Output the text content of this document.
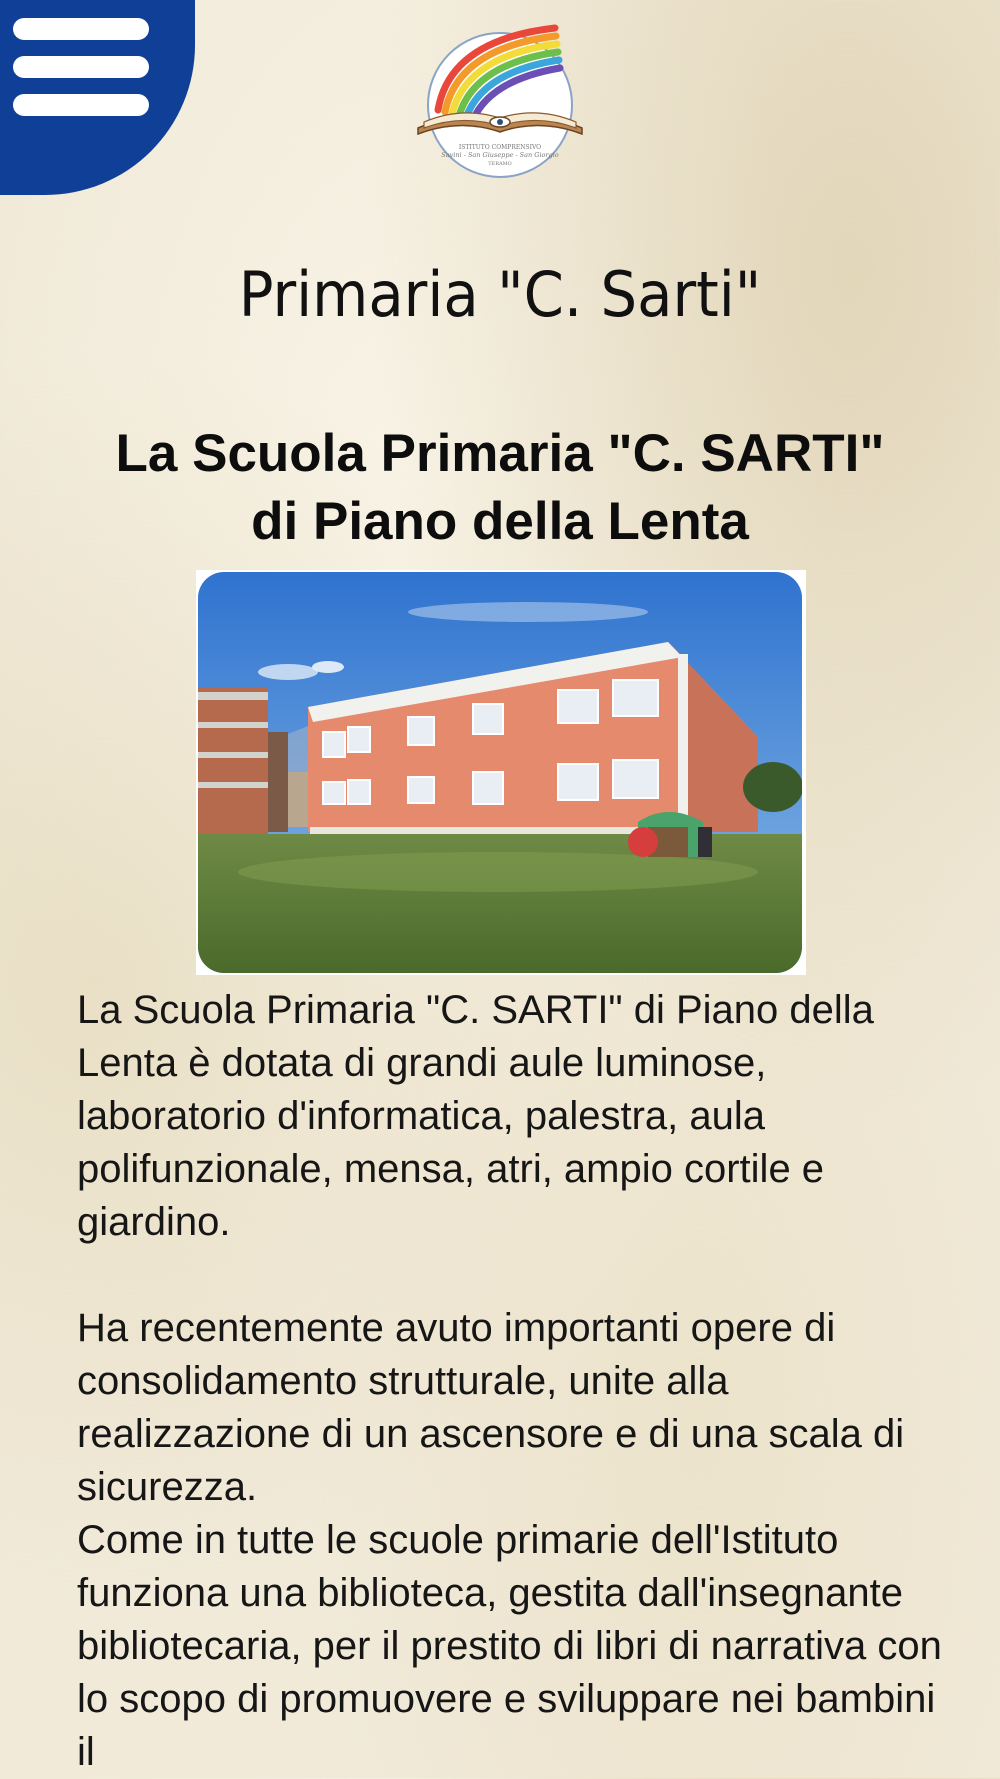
ISTITUTO COMPRENSIVO
Savini - San Giuseppe - San Giorgio
TERAMO
Primaria "C. Sarti"
La Scuola Primaria "C. SARTI"
di Piano della Lenta

La Scuola Primaria "C. SARTI" di Piano della Lenta è dotata di grandi aule luminose, laboratorio d'informatica, palestra, aula polifunzionale, mensa, atri, ampio cortile e giardino.

Ha recentemente avuto importanti opere di consolidamento strutturale, unite alla realizzazione di un ascensore e di una scala di sicurezza.

Come in tutte le scuole primarie dell'Istituto funziona una biblioteca, gestita dall'insegnante bibliotecaria, per il prestito di libri di narrativa con lo scopo di promuovere e sviluppare nei bambini il
